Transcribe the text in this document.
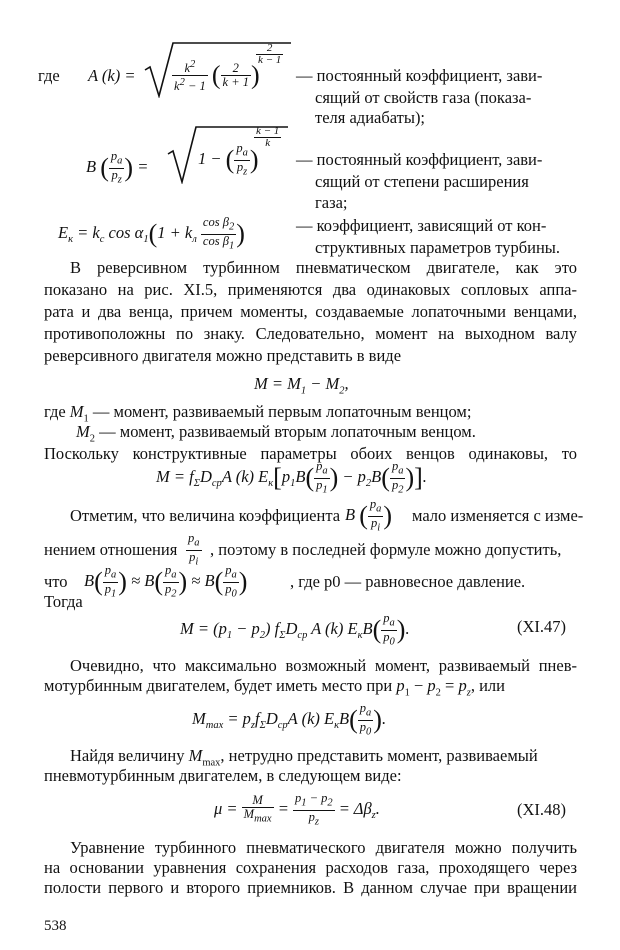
где A (k) =	$\frac{k^2}{k^2 - 1}$ ( $\frac{2}{k + 1}$ )
$\frac{2}{k - 1}$
— постоянный коэффициент, зави-
сящий от свойств газа (показа-
теля адиабаты);
B ( $\frac{p_a}{p_z}$ ) =	1 − ( $\frac{p_a}{p_z}$ )
$\frac{k - 1}{k}$
— постоянный коэффициент, зави-
сящий от степени расширения
газа;
$E_к = k_c$ $\cos \alpha_1(1 + k_л \frac{\cos \beta_2}{\cos \beta_1}$ )	— коэффициент, зависящий от кон-
структивных параметров турбины.
В реверсивном турбинном пневматическом двигателе, как это
показано на рис. XI.5, применяются два одинаковых сопловых аппа-
рата и два венца, причем моменты, создаваемые лопаточными венцами,
противоположны по знаку. Следовательно, момент на выходном валу
реверсивного двигателя можно представить в виде
$M = M_1 - M_2$,
где $M_1$ — момент, развиваемый первым лопаточным венцом;
$M_2$ — момент, развиваемый вторым лопаточным венцом.
Поскольку конструктивные параметры обоих венцов одинаковы, то
$M = f_\Sigma D_{cp}A$ (k) $E_к[p_1B( \frac{p_a}{p_1}$ ) − $p_2B( \frac{p_a}{p_2}$ )].
Отметим, что величина коэффициента B ( $\frac{p_a}{p_i}$ ) мало изменяется с изме-
нением отношения $\frac{p_a}{p_i}$ , поэтому в последней формуле можно допустить,
что $B( \frac{p_a}{p_1}$ ) ≈ $B( \frac{p_a}{p_2}$ ) ≈ $B( \frac{p_a}{p_0}$ )	, где p0 — равновесное давление.
Тогда
$M = (p_1 - p_2)$ $f_\Sigma D_{cp}$ A (k) $E_кB( \frac{p_a}{p_0}$ ).	(XI.47)
Очевидно, что максимально возможный момент, развиваемый пнев-
мотурбинным двигателем, будет иметь место при $p_1 - p_2 = p_z$, или
$M_{max} = p_zf_\Sigma D_{cp}A$ (k) $E_кB( \frac{p_a}{p_0}$ ).
Найдя величину $M_{max}$, нетрудно представить момент, развиваемый
пневмотурбинным двигателем, в следующем виде:
$\mu = \frac{M}{M_{max}} = \frac{p_1 - p_2}{p_z} = \Delta\beta_z$.	(XI.48)
Уравнение турбинного пневматического двигателя можно получить
на основании уравнения сохранения расходов газа, проходящего через
полости первого и второго приемников. В данном случае при вращении
538
